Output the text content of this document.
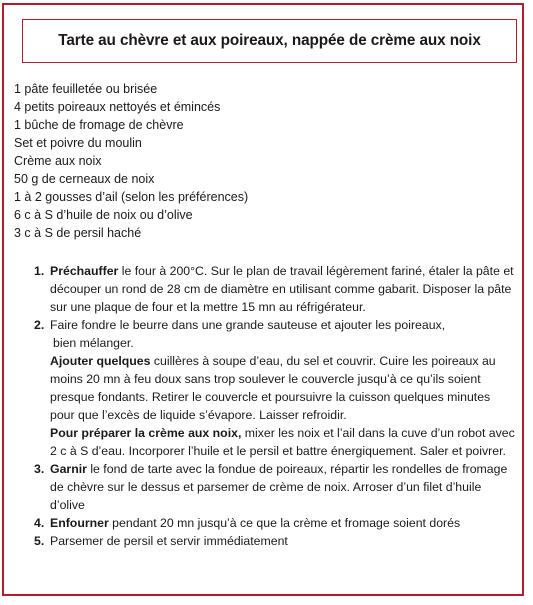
Tarte au chèvre et aux poireaux, nappée de crème aux noix
1 pâte feuilletée ou brisée
4 petits poireaux nettoyés et émincés
1 bûche de fromage de chèvre
Set et poivre du moulin
Crème aux noix
50 g de cerneaux de noix
1 à 2 gousses d’ail (selon les préférences)
6 c à S d’huile de noix ou d’olive
3 c à S de persil haché
1. Préchauffer le four à 200°C. Sur le plan de travail légèrement fariné, étaler la pâte et découper un rond de 28 cm de diamètre en utilisant comme gabarit. Disposer la pâte sur une plaque de four et la mettre 15 mn au réfrigérateur.

2. Faire fondre le beurre dans une grande sauteuse et ajouter les poireaux,

bien mélanger.

Ajouter quelques cuillères à soupe d’eau, du sel et couvrir. Cuire les poireaux au moins 20 mn à feu doux sans trop soulever le couvercle jusqu’à ce qu’ils soient presque fondants. Retirer le couvercle et poursuivre la cuisson quelques minutes pour que l’excès de liquide s’évapore. Laisser refroidir.

Pour préparer la crème aux noix, mixer les noix et l’ail dans la cuve d’un robot avec 2 c à S d’eau. Incorporer l’huile et le persil et battre énergiquement. Saler et poivrer.

3. Garnir le fond de tarte avec la fondue de poireaux, répartir les rondelles de fromage de chèvre sur le dessus et parsemer de crème de noix. Arroser d’un filet d’huile d’olive

4. Enfourner pendant 20 mn jusqu’à ce que la crème et fromage soient dorés

5. Parsemer de persil et servir immédiatement
